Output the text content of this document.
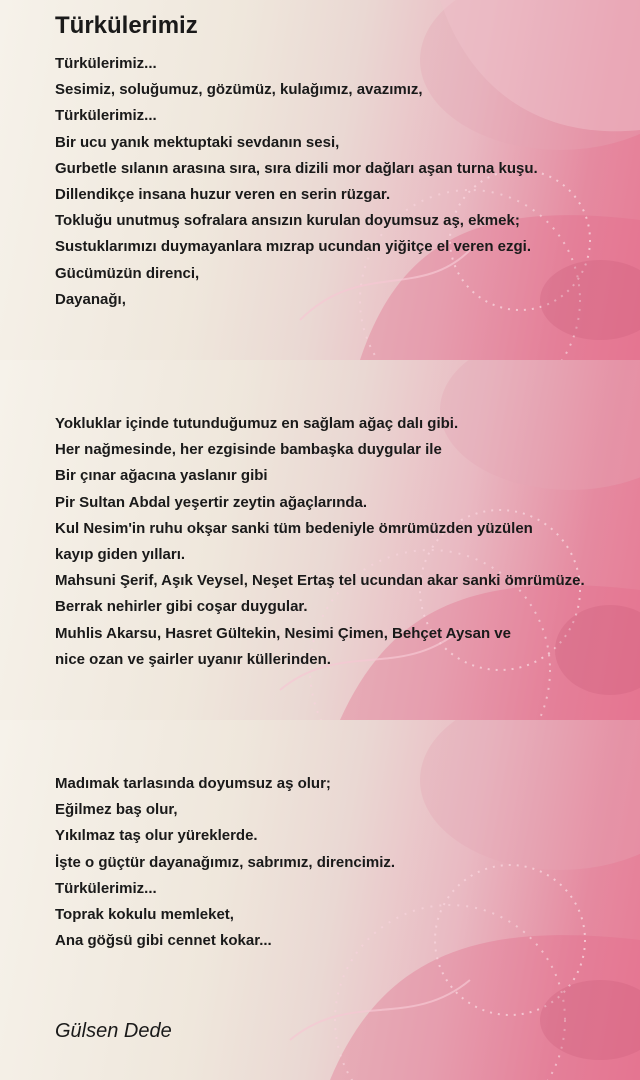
Türkülerimiz
Türkülerimiz...
Sesimiz, soluğumuz, gözümüz, kulağımız, avazımız,
Türkülerimiz...
Bir ucu yanık mektuptaki sevdanın sesi,
Gurbetle sılanın arasına sıra, sıra dizili mor dağları aşan turna kuşu.
Dillendikçe insana huzur veren en serin rüzgar.
Tokluğu unutmuş sofralara ansızın kurulan doyumsuz aş, ekmek;
Sustuklarımızı duymayanlara mızrap ucundan yiğitçe el veren ezgi.
Gücümüzün direnci,
Dayanağı,
Yokluklar içinde tutunduğumuz en sağlam ağaç dalı gibi.
Her nağmesinde, her ezgisinde bambaşka duygular ile
Bir çınar ağacına yaslanır gibi
Pir Sultan Abdal yeşertir zeytin ağaçlarında.
Kul Nesim'in ruhu okşar sanki tüm bedeniyle ömrümüzden yüzülen
kayıp giden yılları.
Mahsuni Şerif, Aşık Veysel, Neşet Ertaş tel ucundan akar sanki ömrümüze.
Berrak nehirler gibi coşar duygular.
Muhlis Akarsu, Hasret Gültekin, Nesimi Çimen, Behçet Aysan ve
nice ozan ve şairler uyanır küllerinden.
Madımak tarlasında doyumsuz aş olur;
Eğilmez baş olur,
Yıkılmaz taş olur yüreklerde.
İşte o güçtür dayanağımız, sabrımız, direncimiz.
Türkülerimiz...
Toprak kokulu memleket,
Ana göğsü gibi cennet kokar...

Gülsen Dede
